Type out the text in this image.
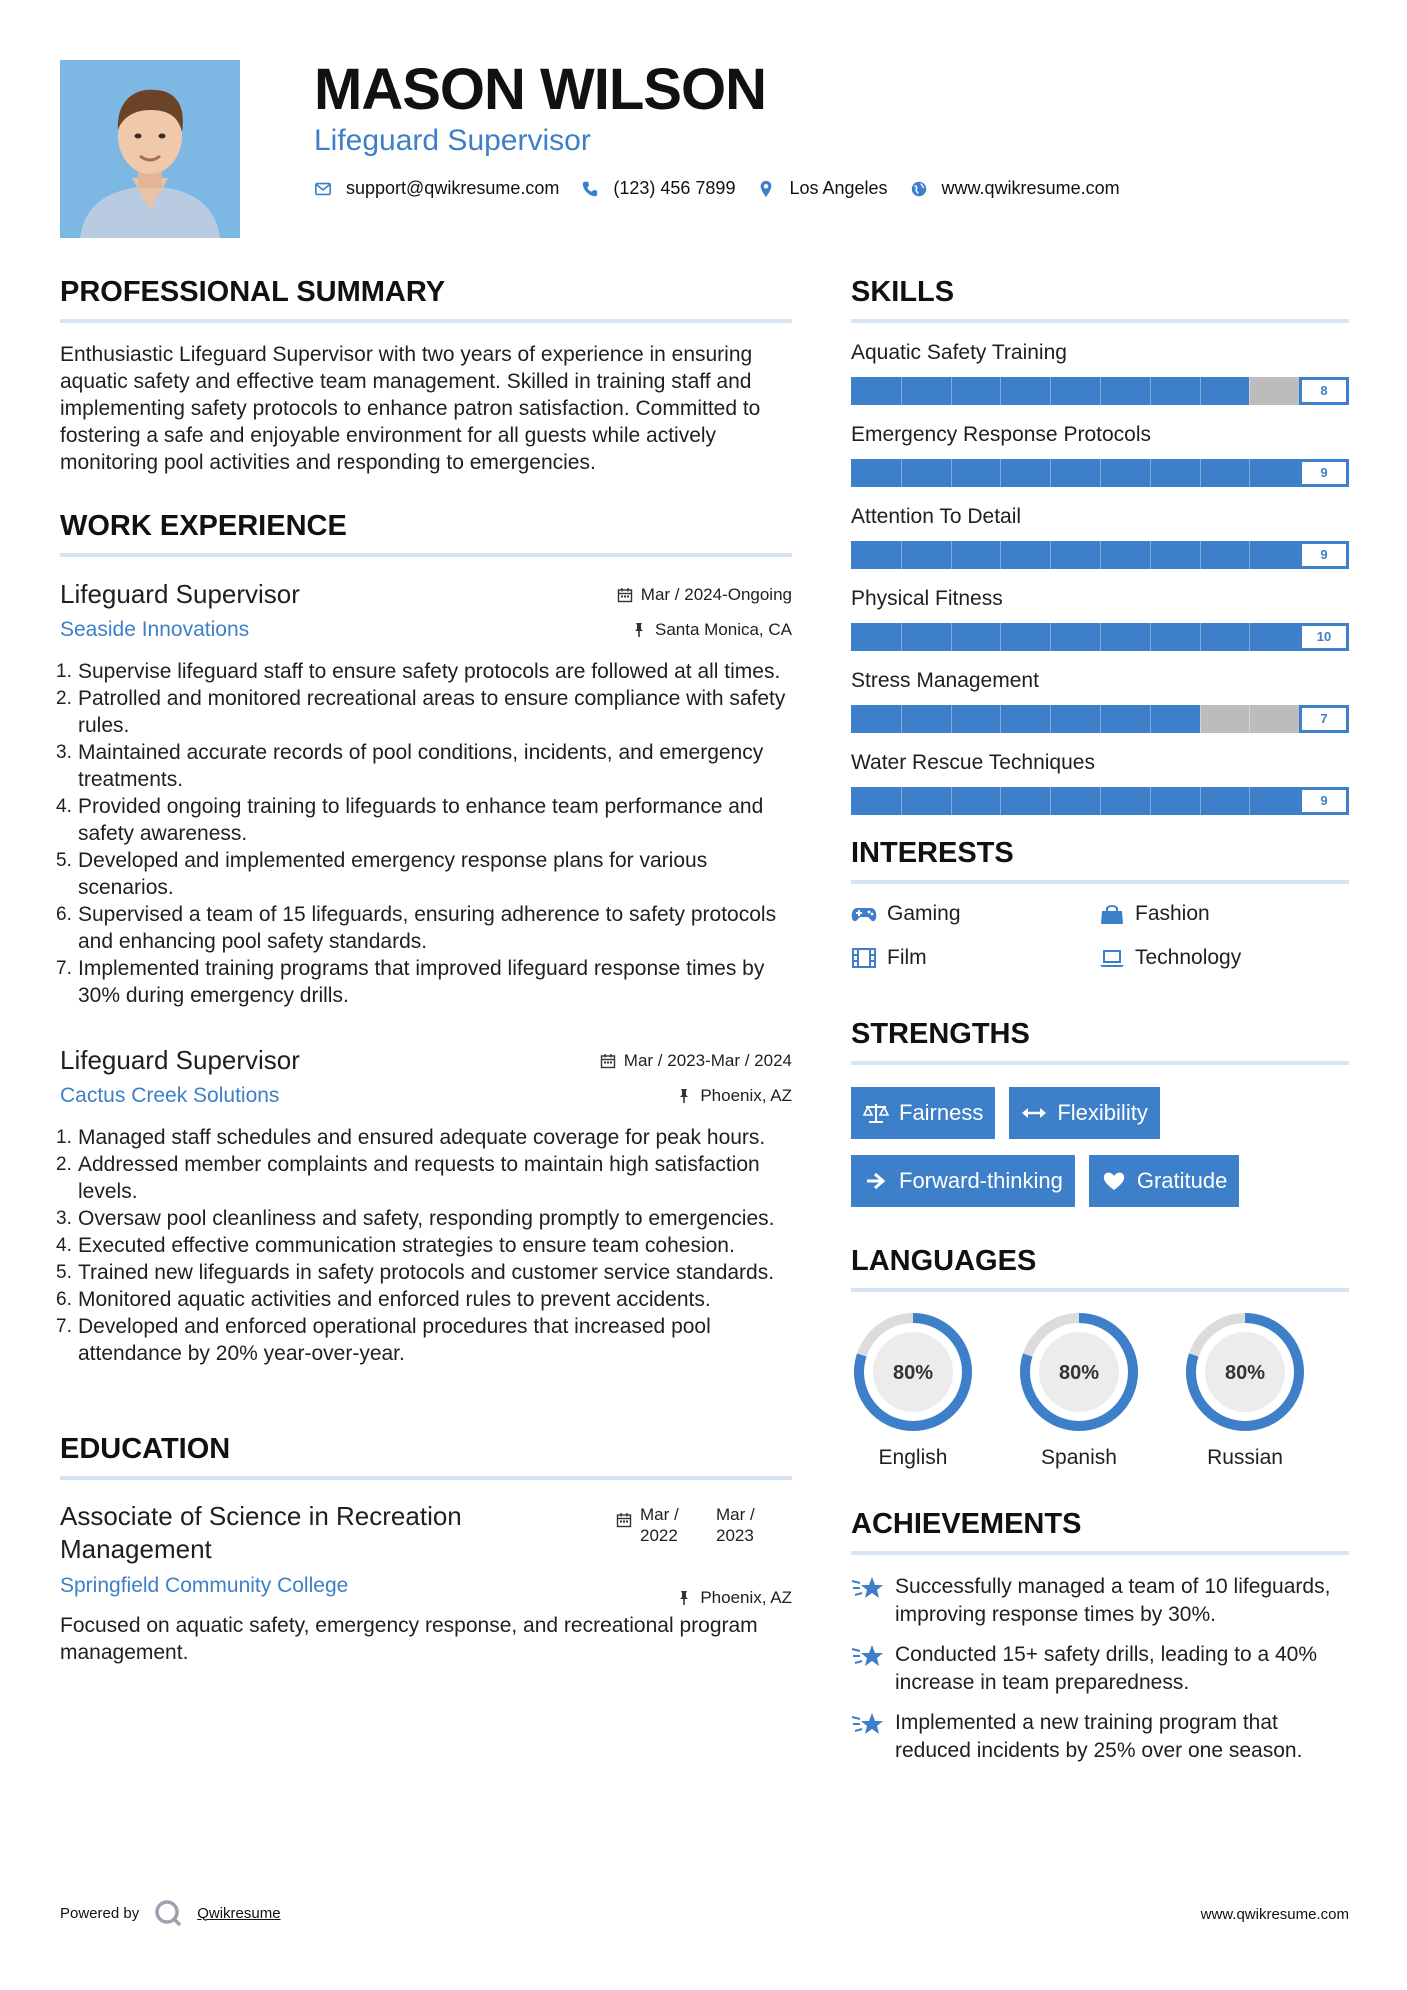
MASON WILSON
Lifeguard Supervisor
support@qwikresume.com	(123) 456 7899	Los Angeles	www.qwikresume.com
PROFESSIONAL SUMMARY

Enthusiastic Lifeguard Supervisor with two years of experience in ensuring aquatic safety and effective team management. Skilled in training staff and implementing safety protocols to enhance patron satisfaction. Committed to fostering a safe and enjoyable environment for all guests while actively monitoring pool activities and responding to emergencies.

WORK EXPERIENCE
Mar / 2024-Ongoing
Santa Monica, CA
Lifeguard Supervisor
Seaside Innovations
1. Supervise lifeguard staff to ensure safety protocols are followed at all times.
2. Patrolled and monitored recreational areas to ensure compliance with safety rules.
3. Maintained accurate records of pool conditions, incidents, and emergency treatments.
4. Provided ongoing training to lifeguards to enhance team performance and safety awareness.
5. Developed and implemented emergency response plans for various scenarios.
6. Supervised a team of 15 lifeguards, ensuring adherence to safety protocols and enhancing pool safety standards.
7. Implemented training programs that improved lifeguard response times by 30% during emergency drills.
Mar / 2023-Mar / 2024
Phoenix, AZ
Lifeguard Supervisor
Cactus Creek Solutions
1. Managed staff schedules and ensured adequate coverage for peak hours.
2. Addressed member complaints and requests to maintain high satisfaction levels.
3. Oversaw pool cleanliness and safety, responding promptly to emergencies.
4. Executed effective communication strategies to ensure team cohesion.
5. Trained new lifeguards in safety protocols and customer service standards.
6. Monitored aquatic activities and enforced rules to prevent accidents.
7. Developed and enforced operational procedures that increased pool attendance by 20% year-over-year.
EDUCATION
Mar / 2022
Mar / 2023
Phoenix, AZ
Associate of Science in Recreation Management
Springfield Community College

Focused on aquatic safety, emergency response, and recreational program management.

SKILLS
Aquatic Safety Training
8
Emergency Response Protocols
9
Attention To Detail
9
Physical Fitness
10
Stress Management
7
Water Rescue Techniques
9
INTERESTS
Gaming	Fashion
Film	Technology
STRENGTHS
Fairness	Flexibility
Forward-thinking	Gratitude
LANGUAGES
80%
English
80%
Spanish
80%
Russian
ACHIEVEMENTS
Successfully managed a team of 10 lifeguards, improving response times by 30%.
Conducted 15+ safety drills, leading to a 40% increase in team preparedness.
Implemented a new training program that reduced incidents by 25% over one season.
Powered by	Qwikresume	www.qwikresume.com
